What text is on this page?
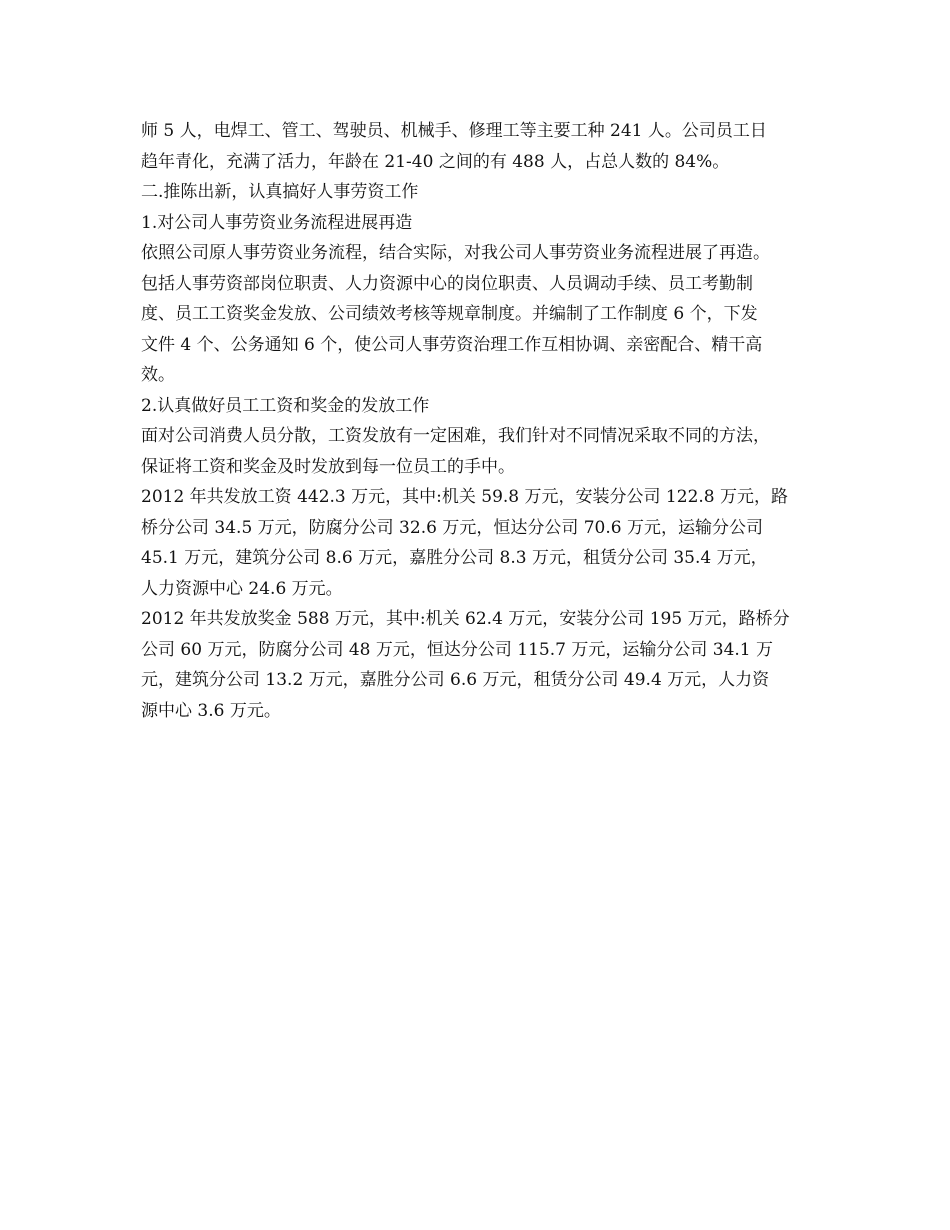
师 5 人，电焊工、管工、驾驶员、机械手、修理工等主要工种 241 人。公司员工日
趋年青化，充满了活力，年龄在 21-40 之间的有 488 人，占总人数的 84%。
二.推陈出新，认真搞好人事劳资工作
1.对公司人事劳资业务流程进展再造
依照公司原人事劳资业务流程，结合实际，对我公司人事劳资业务流程进展了再造。
包括人事劳资部岗位职责、人力资源中心的岗位职责、人员调动手续、员工考勤制
度、员工工资奖金发放、公司绩效考核等规章制度。并编制了工作制度 6 个，下发
文件 4 个、公务通知 6 个，使公司人事劳资治理工作互相协调、亲密配合、精干高
效。
2.认真做好员工工资和奖金的发放工作
面对公司消费人员分散，工资发放有一定困难，我们针对不同情况采取不同的方法，
保证将工资和奖金及时发放到每一位员工的手中。
2012 年共发放工资 442.3 万元，其中:机关 59.8 万元，安装分公司 122.8 万元，路
桥分公司 34.5 万元，防腐分公司 32.6 万元，恒达分公司 70.6 万元，运输分公司
45.1 万元，建筑分公司 8.6 万元，嘉胜分公司 8.3 万元，租赁分公司 35.4 万元，
人力资源中心 24.6 万元。
2012 年共发放奖金 588 万元，其中:机关 62.4 万元，安装分公司 195 万元，路桥分
公司 60 万元，防腐分公司 48 万元，恒达分公司 115.7 万元，运输分公司 34.1 万
元，建筑分公司 13.2 万元，嘉胜分公司 6.6 万元，租赁分公司 49.4 万元，人力资
源中心 3.6 万元。
